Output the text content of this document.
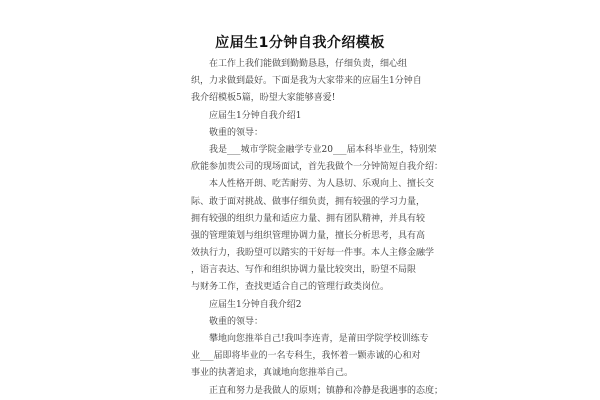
应届生1分钟自我介绍模板
　　在工作上我们能做到勤勤恳恳，仔细负责，细心组
织，力求做到最好。下面是我为大家带来的应届生1分钟自
我介绍模板5篇，盼望大家能够喜爱!
　　应届生1分钟自我介绍1
　　敬重的领导：
　　我是___城市学院金融学专业20___届本科毕业生，特别荣
欣能参加贵公司的现场面试，首先我做个一分钟简短自我介绍：
　　本人性格开朗、吃苦耐劳、为人恳切、乐观向上、擅长交
际、敢于面对挑战、做事仔细负责，拥有较强的学习力量，
拥有较强的组织力量和适应力量、拥有团队精神，并具有较
强的管理策划与组织管理协调力量，擅长分析思考，具有高
效执行力，我盼望可以踏实的干好每一件事。本人主修金融学
，语言表达、写作和组织协调力量比较突出，盼望不局限
与财务工作，查找更适合自己的管理行政类岗位。
　　应届生1分钟自我介绍2
　　敬重的领导：
　　攀地向您推举自己!我叫李连青，是莆田学院学校训练专
业___届即将毕业的一名专科生，我怀着一颗赤诚的心和对
事业的执著追求，真诚地向您推举自己。
　　正直和努力是我做人的原则；镇静和冷静是我遇事的态度；
